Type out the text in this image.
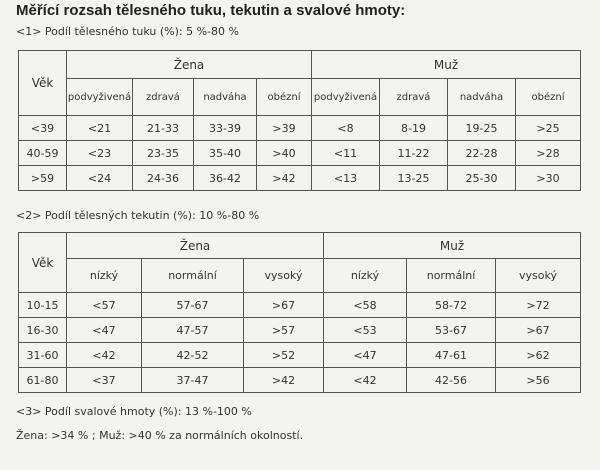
Měřící rozsah tělesného tuku, tekutin a svalové hmoty:
<1> Podíl tělesného tuku (%): 5 %-80 %
Věk	Žena				Muž			
	podvyživená	zdravá	nadváha	obézní	podvyživená	zdravá	nadváha	obézní
<39	<21	21-33	33-39	>39	<8	8-19	19-25	>25
40-59	<23	23-35	35-40	>40	<11	11-22	22-28	>28
>59	<24	24-36	36-42	>42	<13	13-25	25-30	>30
<2> Podíl tělesných tekutin (%): 10 %-80 %
Věk	Žena			Muž		
	nízký	normální	vysoký	nízký	normální	vysoký
10-15	<57	57-67	>67	<58	58-72	>72
16-30	<47	47-57	>57	<53	53-67	>67
31-60	<42	42-52	>52	<47	47-61	>62
61-80	<37	37-47	>42	<42	42-56	>56
<3> Podíl svalové hmoty (%): 13 %-100 %
Žena: >34 % ; Muž: >40 % za normálních okolností.
